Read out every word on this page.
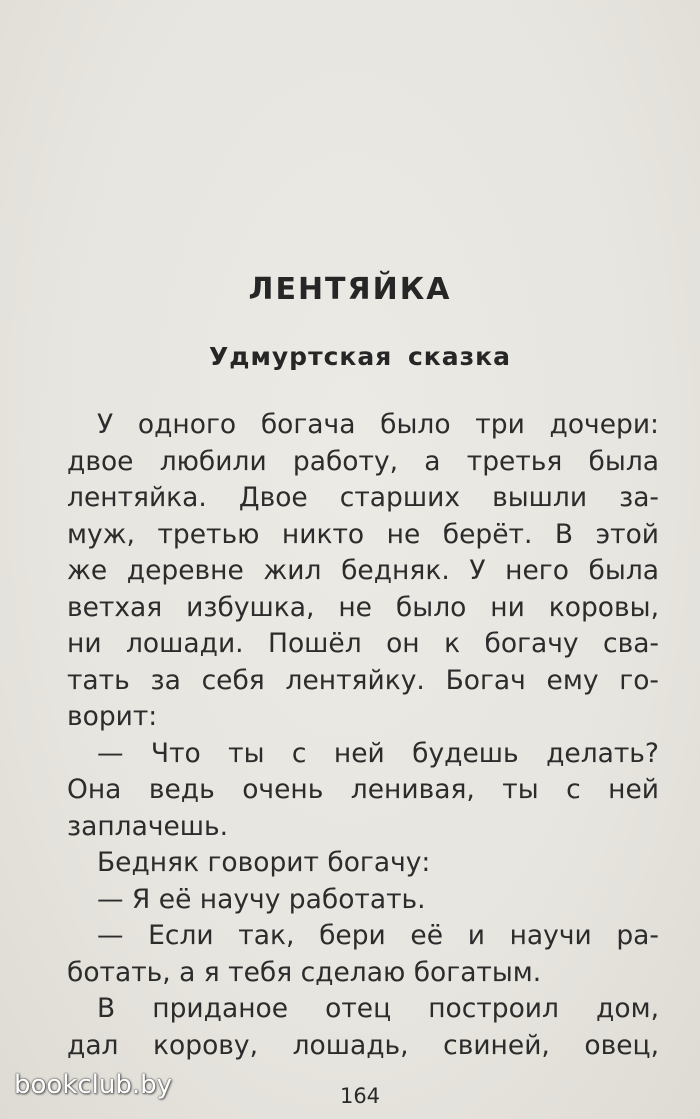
ЛЕНТЯЙКА
Удмуртская сказка
У одного богача было три дочери:
двое любили работу, а третья была
лентяйка. Двое старших вышли за-
муж, третью никто не берёт. В этой
же деревне жил бедняк. У него была
ветхая избушка, не было ни коровы,
ни лошади. Пошёл он к богачу сва-
тать за себя лентяйку. Богач ему го-
ворит:
— Что ты с ней будешь делать?
Она ведь очень ленивая, ты с ней
заплачешь.
Бедняк говорит богачу:
— Я её научу работать.
— Если так, бери её и научи ра-
ботать, а я тебя сделаю богатым.
В приданое отец построил дом,
дал корову, лошадь, свиней, овец,
164
bookclub.by
